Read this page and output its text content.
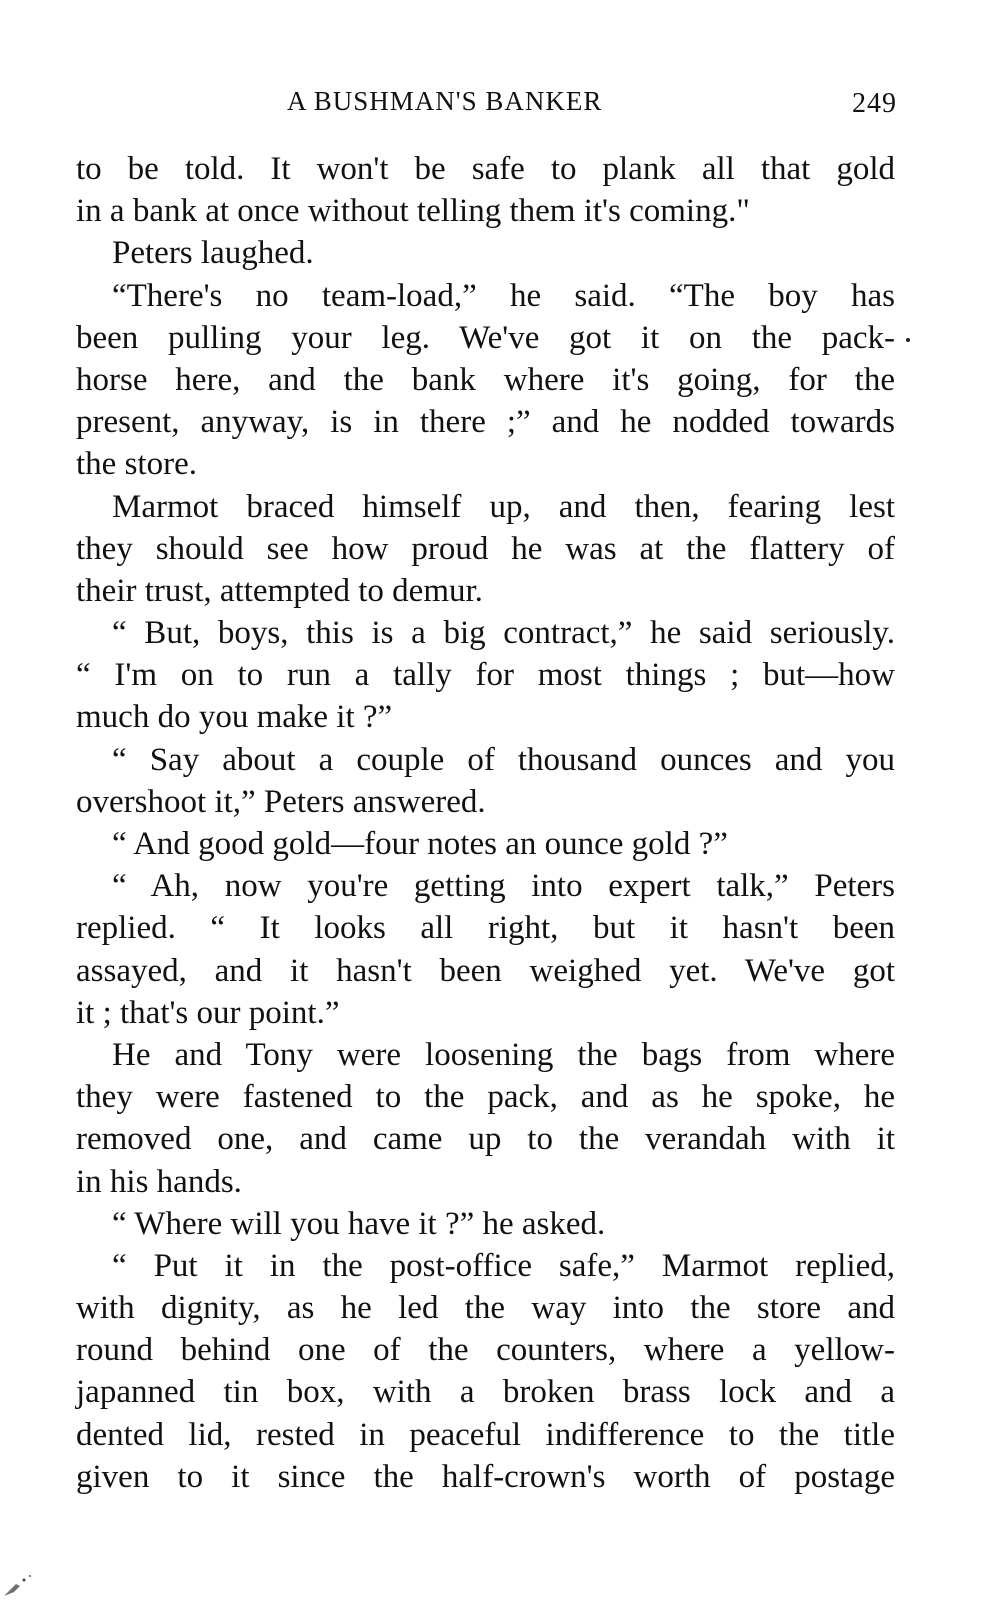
A BUSHMAN'S BANKER	249
to be told. It won't be safe to plank all that gold
in a bank at once without telling them it's coming."
Peters laughed.
“There's no team-load,” he said. “The boy has
been pulling your leg. We've got it on the pack-
horse here, and the bank where it's going, for the
present, anyway, is in there ;” and he nodded towards
the store.
Marmot braced himself up, and then, fearing lest
they should see how proud he was at the flattery of
their trust, attempted to demur.
“ But, boys, this is a big contract,” he said seriously.
“ I'm on to run a tally for most things ; but—how
much do you make it ?”
“ Say about a couple of thousand ounces and you
overshoot it,” Peters answered.
“ And good gold—four notes an ounce gold ?”
“ Ah, now you're getting into expert talk,” Peters
replied. “ It looks all right, but it hasn't been
assayed, and it hasn't been weighed yet. We've got
it ; that's our point.”
He and Tony were loosening the bags from where
they were fastened to the pack, and as he spoke, he
removed one, and came up to the verandah with it
in his hands.
“ Where will you have it ?” he asked.
“ Put it in the post-office safe,” Marmot replied,
with dignity, as he led the way into the store and
round behind one of the counters, where a yellow-
japanned tin box, with a broken brass lock and a
dented lid, rested in peaceful indifference to the title
given to it since the half-crown's worth of postage
